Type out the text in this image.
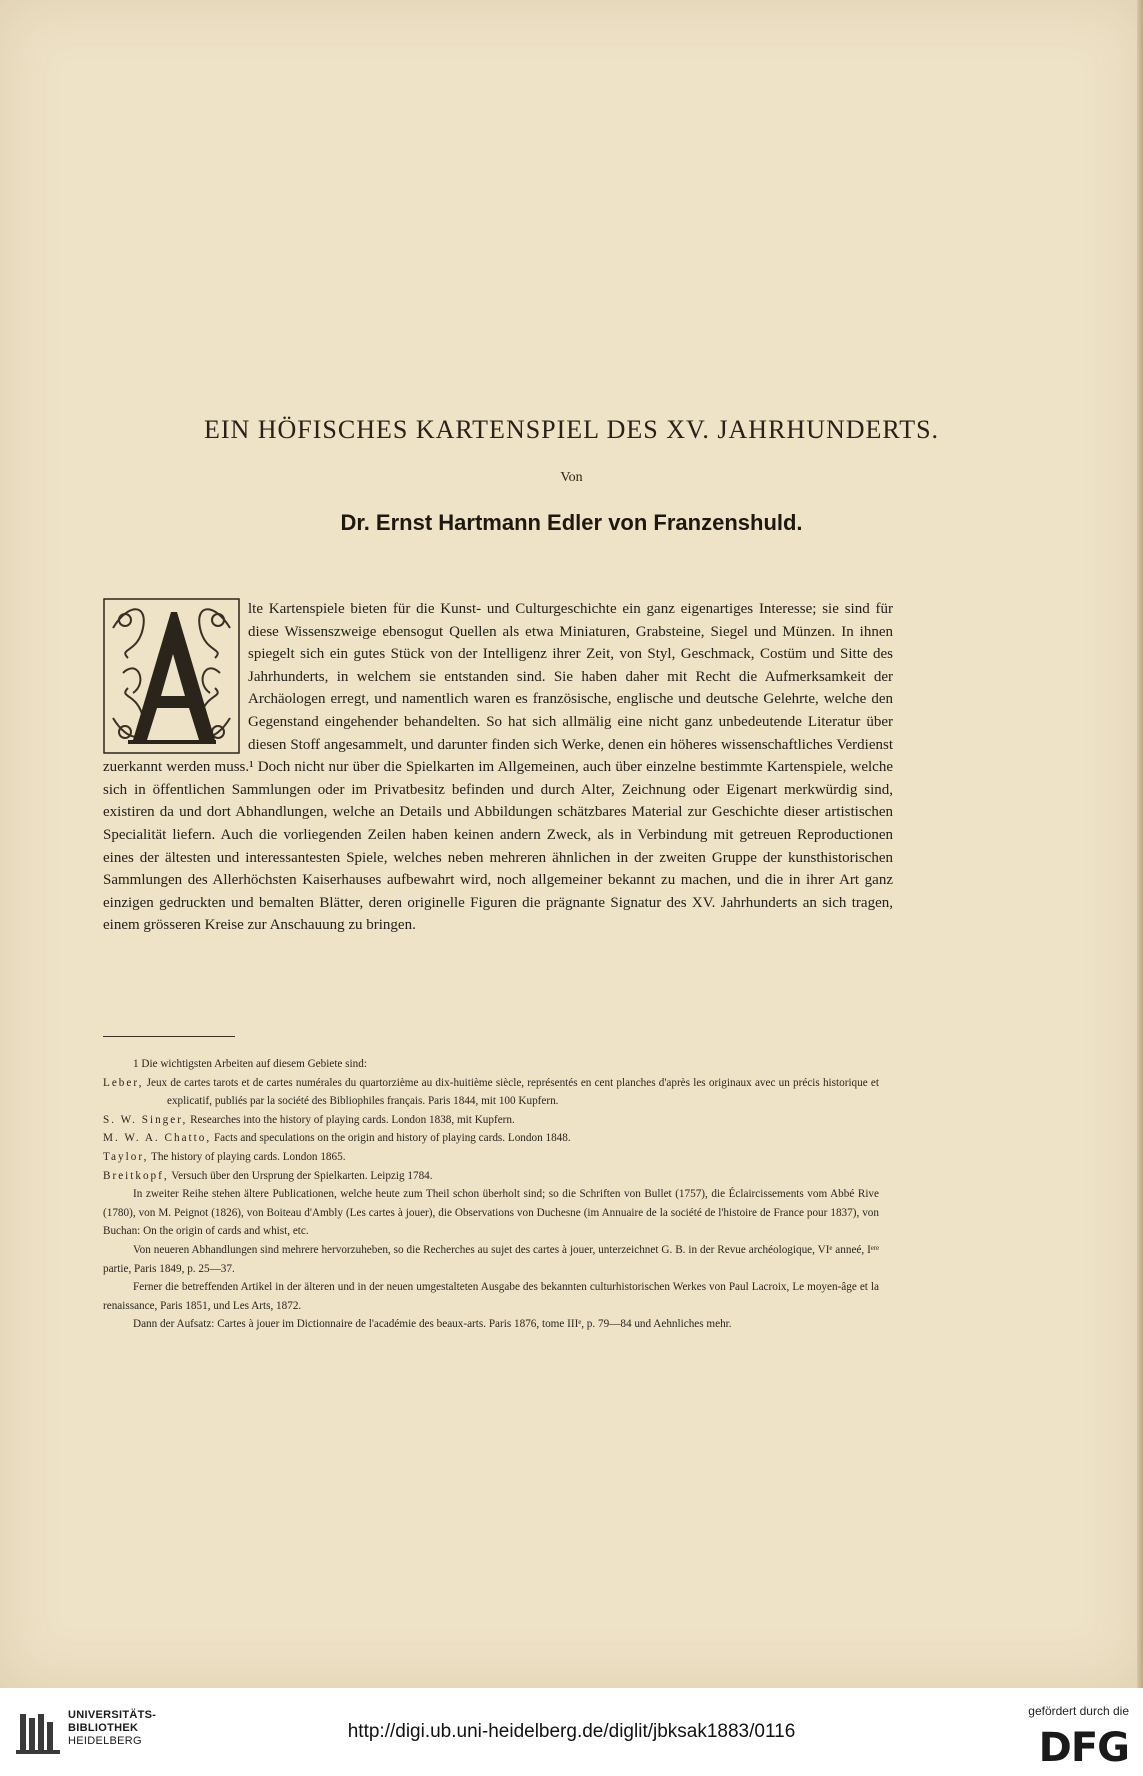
EIN HÖFISCHES KARTENSPIEL DES XV. JAHRHUNDERTS.
Von
Dr. Ernst Hartmann Edler von Franzenshuld.
lte Kartenspiele bieten für die Kunst- und Culturgeschichte ein ganz eigenartiges Interesse; sie sind für diese Wissenszweige ebensogut Quellen als etwa Miniaturen, Grabsteine, Siegel und Münzen. In ihnen spiegelt sich ein gutes Stück von der Intelligenz ihrer Zeit, von Styl, Geschmack, Costüm und Sitte des Jahrhunderts, in welchem sie entstanden sind. Sie haben daher mit Recht die Aufmerksamkeit der Archäologen erregt, und namentlich waren es französische, englische und deutsche Gelehrte, welche den Gegenstand eingehender behandelten. So hat sich allmälig eine nicht ganz unbedeutende Literatur über diesen Stoff angesammelt, und darunter finden sich Werke, denen ein höheres wissenschaftliches Verdienst zuerkannt werden muss.¹ Doch nicht nur über die Spielkarten im Allgemeinen, auch über einzelne bestimmte Kartenspiele, welche sich in öffentlichen Sammlungen oder im Privatbesitz befinden und durch Alter, Zeichnung oder Eigenart merkwürdig sind, existiren da und dort Abhandlungen, welche an Details und Abbildungen schätzbares Material zur Geschichte dieser artistischen Specialität liefern. Auch die vorliegenden Zeilen haben keinen andern Zweck, als in Verbindung mit getreuen Reproductionen eines der ältesten und interessantesten Spiele, welches neben mehreren ähnlichen in der zweiten Gruppe der kunsthistorischen Sammlungen des Allerhöchsten Kaiserhauses aufbewahrt wird, noch allgemeiner bekannt zu machen, und die in ihrer Art ganz einzigen gedruckten und bemalten Blätter, deren originelle Figuren die prägnante Signatur des XV. Jahrhunderts an sich tragen, einem grösseren Kreise zur Anschauung zu bringen.

1 Die wichtigsten Arbeiten auf diesem Gebiete sind:

Leber, Jeux de cartes tarots et de cartes numérales du quartorzième au dix-huitième siècle, représentés en cent planches d'après les originaux avec un précis historique et explicatif, publiés par la société des Bibliophiles français. Paris 1844, mit 100 Kupfern.

S. W. Singer, Researches into the history of playing cards. London 1838, mit Kupfern.

M. W. A. Chatto, Facts and speculations on the origin and history of playing cards. London 1848.

Taylor, The history of playing cards. London 1865.

Breitkopf, Versuch über den Ursprung der Spielkarten. Leipzig 1784.

In zweiter Reihe stehen ältere Publicationen, welche heute zum Theil schon überholt sind; so die Schriften von Bullet (1757), die Éclaircissements vom Abbé Rive (1780), von M. Peignot (1826), von Boiteau d'Ambly (Les cartes à jouer), die Observations von Duchesne (im Annuaire de la société de l'histoire de France pour 1837), von Buchan: On the origin of cards and whist, etc.

Von neueren Abhandlungen sind mehrere hervorzuheben, so die Recherches au sujet des cartes à jouer, unterzeichnet G. B. in der Revue archéologique, VIᵉ anneé, Iᵉʳᵉ partie, Paris 1849, p. 25—37.

Ferner die betreffenden Artikel in der älteren und in der neuen umgestalteten Ausgabe des bekannten culturhistorischen Werkes von Paul Lacroix, Le moyen-âge et la renaissance, Paris 1851, und Les Arts, 1872.

Dann der Aufsatz: Cartes à jouer im Dictionnaire de l'académie des beaux-arts. Paris 1876, tome IIIᵉ, p. 79—84 und Aehnliches mehr.

UNIVERSITÄTS-
BIBLIOTHEK
HEIDELBERG	http://digi.ub.uni-heidelberg.de/diglit/jbksak1883/0116
gefördert durch die
DFG
